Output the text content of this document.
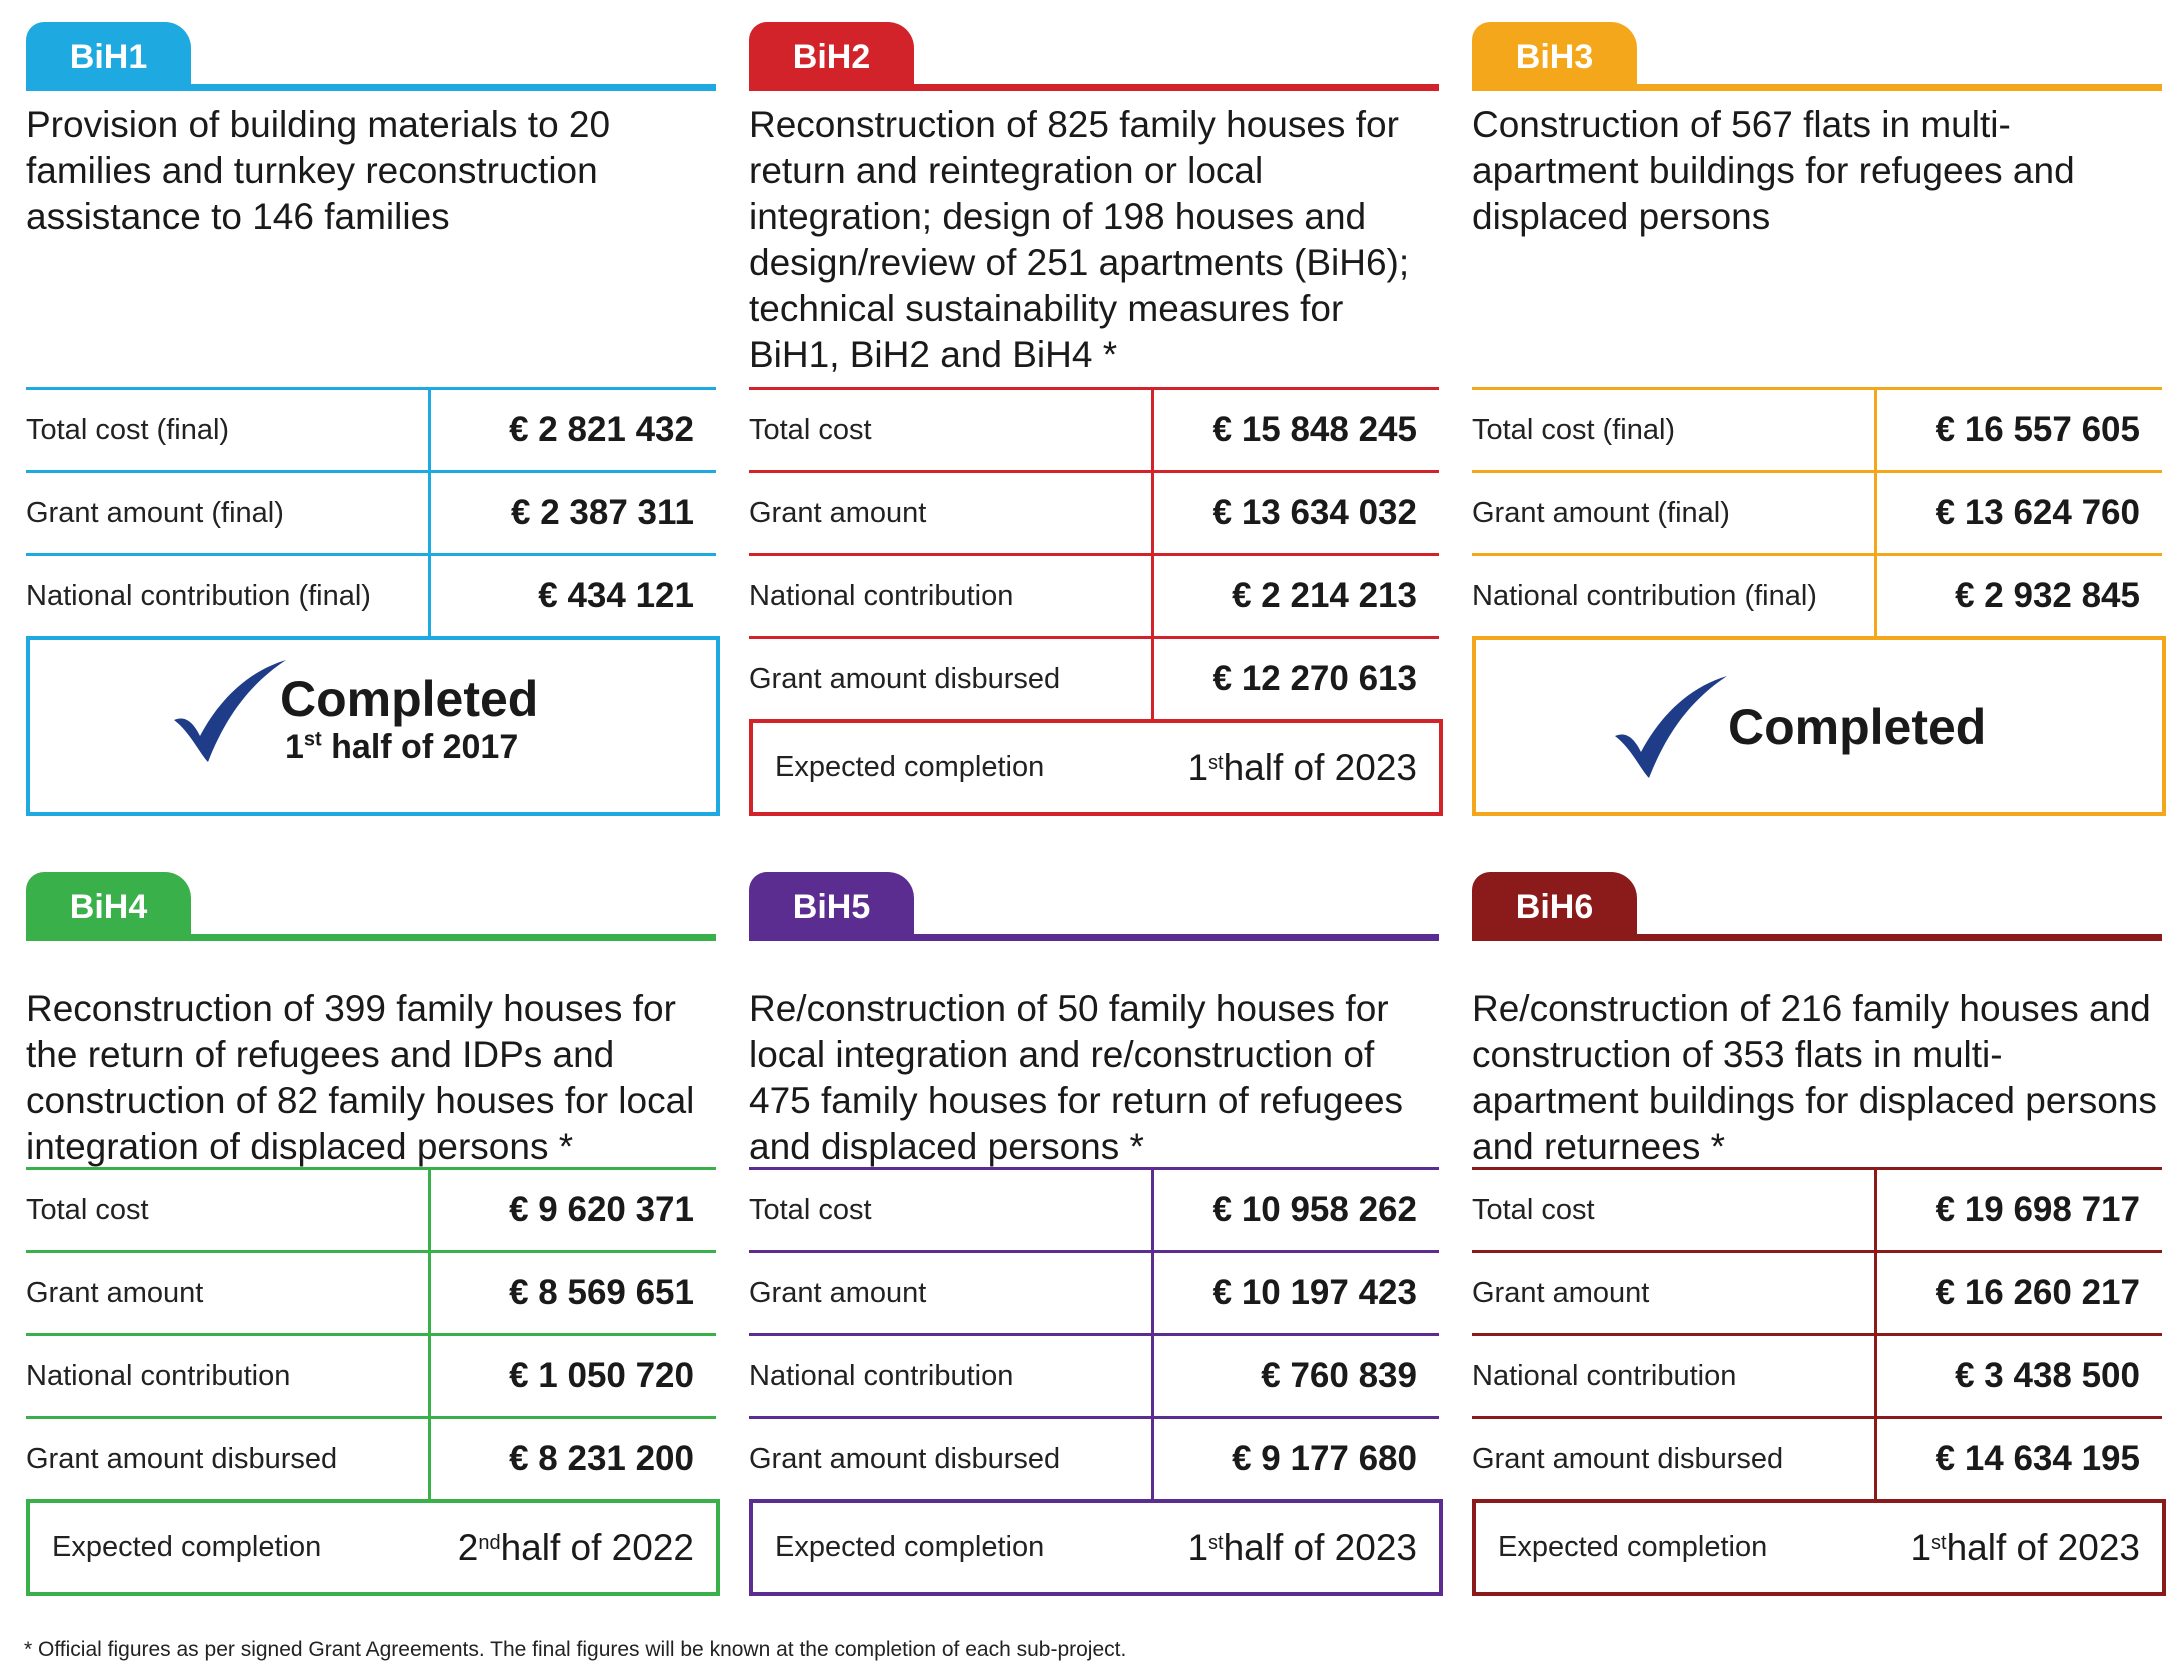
BiH1
Provision of building materials to 20 families and turnkey reconstruction assistance to 146 families
Total cost (final)	€ 2 821 432
Grant amount (final)	€ 2 387 311
National contribution (final)	€ 434 121
Completed
1st half of 2017
BiH2
Reconstruction of 825 family houses for return and reintegration or local integration; design of 198 houses and design/review of 251 apartments (BiH6); technical sustainability measures for BiH1, BiH2 and BiH4 *
Total cost	€ 15 848 245
Grant amount	€ 13 634 032
National contribution	€ 2 214 213
Grant amount disbursed	€ 12 270 613
Expected completion	1st half of 2023
BiH3
Construction of 567 flats in multi-apartment buildings for refugees and displaced persons
Total cost (final)	€ 16 557 605
Grant amount (final)	€ 13 624 760
National contribution (final)	€ 2 932 845
Completed
BiH4
Reconstruction of 399 family houses for the return of refugees and IDPs and construction of 82 family houses for local integration of displaced persons *
Total cost	€ 9 620 371
Grant amount	€ 8 569 651
National contribution	€ 1 050 720
Grant amount disbursed	€ 8 231 200
Expected completion	2nd half of 2022
BiH5
Re/construction of 50 family houses for local integration and re/construction of 475 family houses for return of refugees and displaced persons *
Total cost	€ 10 958 262
Grant amount	€ 10 197 423
National contribution	€ 760 839
Grant amount disbursed	€ 9 177 680
Expected completion	1st half of 2023
BiH6
Re/construction of 216 family houses and construction of 353 flats in multi-apartment buildings for displaced persons and returnees *
Total cost	€ 19 698 717
Grant amount	€ 16 260 217
National contribution	€ 3 438 500
Grant amount disbursed	€ 14 634 195
Expected completion	1st half of 2023
* Official figures as per signed Grant Agreements. The final figures will be known at the completion of each sub-project.
